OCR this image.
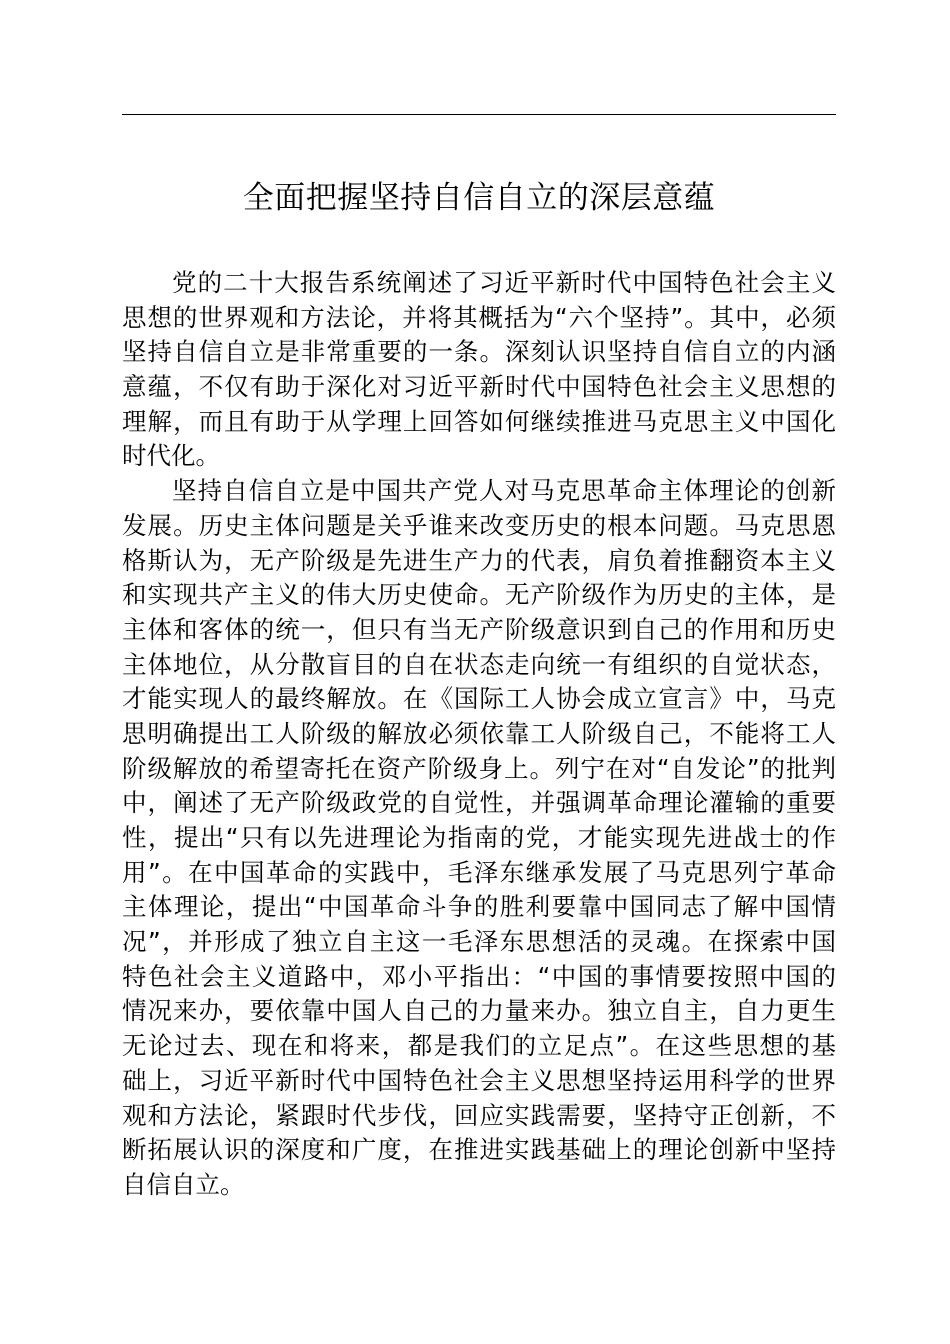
全面把握坚持自信自立的深层意蕴
党的二十大报告系统阐述了习近平新时代中国特色社会主义
思想的世界观和方法论，并将其概括为“六个坚持”。其中，必须
坚持自信自立是非常重要的一条。深刻认识坚持自信自立的内涵
意蕴，不仅有助于深化对习近平新时代中国特色社会主义思想的
理解，而且有助于从学理上回答如何继续推进马克思主义中国化
时代化。
坚持自信自立是中国共产党人对马克思革命主体理论的创新
发展。历史主体问题是关乎谁来改变历史的根本问题。马克思恩
格斯认为，无产阶级是先进生产力的代表，肩负着推翻资本主义
和实现共产主义的伟大历史使命。无产阶级作为历史的主体，是
主体和客体的统一，但只有当无产阶级意识到自己的作用和历史
主体地位，从分散盲目的自在状态走向统一有组织的自觉状态，
才能实现人的最终解放。在《国际工人协会成立宣言》中，马克
思明确提出工人阶级的解放必须依靠工人阶级自己，不能将工人
阶级解放的希望寄托在资产阶级身上。列宁在对“自发论”的批判
中，阐述了无产阶级政党的自觉性，并强调革命理论灌输的重要
性，提出“只有以先进理论为指南的党，才能实现先进战士的作
用”。在中国革命的实践中，毛泽东继承发展了马克思列宁革命
主体理论，提出“中国革命斗争的胜利要靠中国同志了解中国情
况”，并形成了独立自主这一毛泽东思想活的灵魂。在探索中国
特色社会主义道路中，邓小平指出：“中国的事情要按照中国的
情况来办，要依靠中国人自己的力量来办。独立自主，自力更生
无论过去、现在和将来，都是我们的立足点”。在这些思想的基
础上，习近平新时代中国特色社会主义思想坚持运用科学的世界
观和方法论，紧跟时代步伐，回应实践需要，坚持守正创新，不
断拓展认识的深度和广度，在推进实践基础上的理论创新中坚持
自信自立。
